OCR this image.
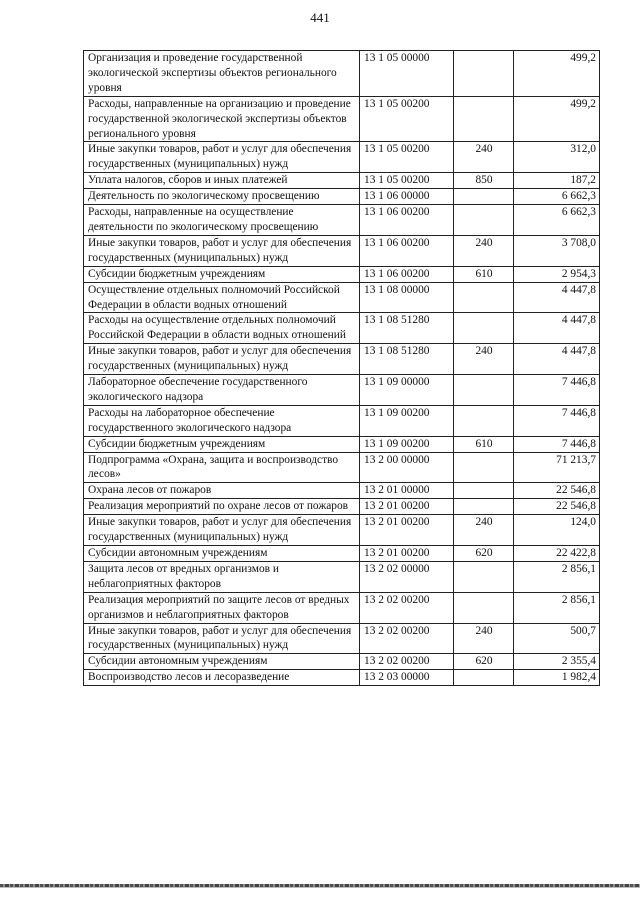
441
Организация и проведение государственной экологической экспертизы объектов регионального уровня	13 1 05 00000		499,2
Расходы, направленные на организацию и проведение государственной экологической экспертизы объектов регионального уровня	13 1 05 00200		499,2
Иные закупки товаров, работ и услуг для обеспечения государственных (муниципальных) нужд	13 1 05 00200	240	312,0
Уплата налогов, сборов и иных платежей	13 1 05 00200	850	187,2
Деятельность по экологическому просвещению	13 1 06 00000		6 662,3
Расходы, направленные на осуществление деятельности по экологическому просвещению	13 1 06 00200		6 662,3
Иные закупки товаров, работ и услуг для обеспечения государственных (муниципальных) нужд	13 1 06 00200	240	3 708,0
Субсидии бюджетным учреждениям	13 1 06 00200	610	2 954,3
Осуществление отдельных полномочий Российской Федерации в области водных отношений	13 1 08 00000		4 447,8
Расходы на осуществление отдельных полномочий Российской Федерации в области водных отношений	13 1 08 51280		4 447,8
Иные закупки товаров, работ и услуг для обеспечения государственных (муниципальных) нужд	13 1 08 51280	240	4 447,8
Лабораторное обеспечение государственного экологического надзора	13 1 09 00000		7 446,8
Расходы на лабораторное обеспечение государственного экологического надзора	13 1 09 00200		7 446,8
Субсидии бюджетным учреждениям	13 1 09 00200	610	7 446,8
Подпрограмма «Охрана, защита и воспроизводство лесов»	13 2 00 00000		71 213,7
Охрана лесов от пожаров	13 2 01 00000		22 546,8
Реализация мероприятий по охране лесов от пожаров	13 2 01 00200		22 546,8
Иные закупки товаров, работ и услуг для обеспечения государственных (муниципальных) нужд	13 2 01 00200	240	124,0
Субсидии автономным учреждениям	13 2 01 00200	620	22 422,8
Защита лесов от вредных организмов и неблагоприятных факторов	13 2 02 00000		2 856,1
Реализация мероприятий по защите лесов от вредных организмов и неблагоприятных факторов	13 2 02 00200		2 856,1
Иные закупки товаров, работ и услуг для обеспечения государственных (муниципальных) нужд	13 2 02 00200	240	500,7
Субсидии автономным учреждениям	13 2 02 00200	620	2 355,4
Воспроизводство лесов и лесоразведение	13 2 03 00000		1 982,4
